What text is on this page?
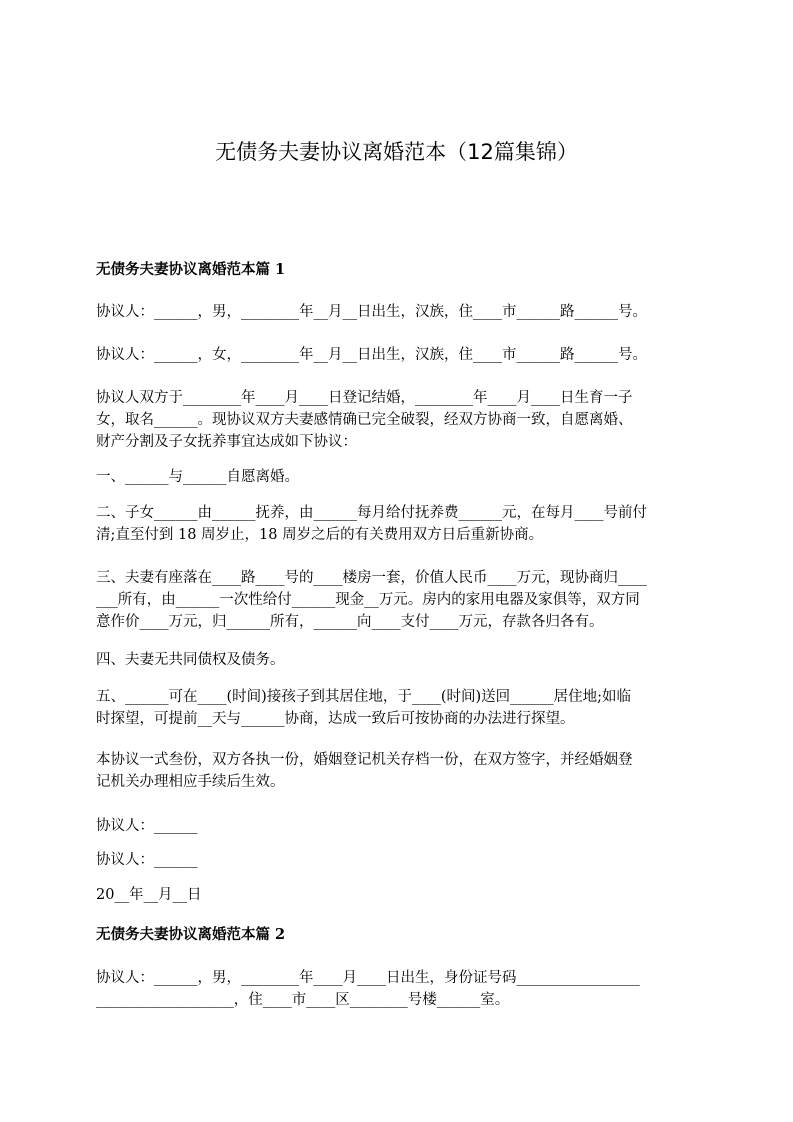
无债务夫妻协议离婚范本（12篇集锦）
无债务夫妻协议离婚范本篇 1
协议人：______，男，________年__月__日出生，汉族，住____市______路______号。
协议人：______，女，________年__月__日出生，汉族，住____市______路______号。
协议人双方于________年____月____日登记结婚，________年____月____日生育一子
女，取名______。现协议双方夫妻感情确已完全破裂，经双方协商一致，自愿离婚、
财产分割及子女抚养事宜达成如下协议：
一、______与______自愿离婚。
二、子女______由______抚养，由______每月给付抚养费______元，在每月____号前付
清;直至付到 18 周岁止，18 周岁之后的有关费用双方日后重新协商。
三、夫妻有座落在____路____号的____楼房一套，价值人民币____万元，现协商归____
___所有，由______一次性给付______现金__万元。房内的家用电器及家俱等，双方同
意作价____万元，归______所有，______向____支付____万元，存款各归各有。
四、夫妻无共同债权及债务。
五、______可在____(时间)接孩子到其居住地，于____(时间)送回______居住地;如临
时探望，可提前__天与______协商，达成一致后可按协商的办法进行探望。
本协议一式叁份，双方各执一份，婚姻登记机关存档一份，在双方签字，并经婚姻登
记机关办理相应手续后生效。
协议人：______
协议人：______
20__年__月__日
无债务夫妻协议离婚范本篇 2
协议人：______，男，________年____月____日出生，身份证号码_________________
___________________，住____市____区________号楼______室。
